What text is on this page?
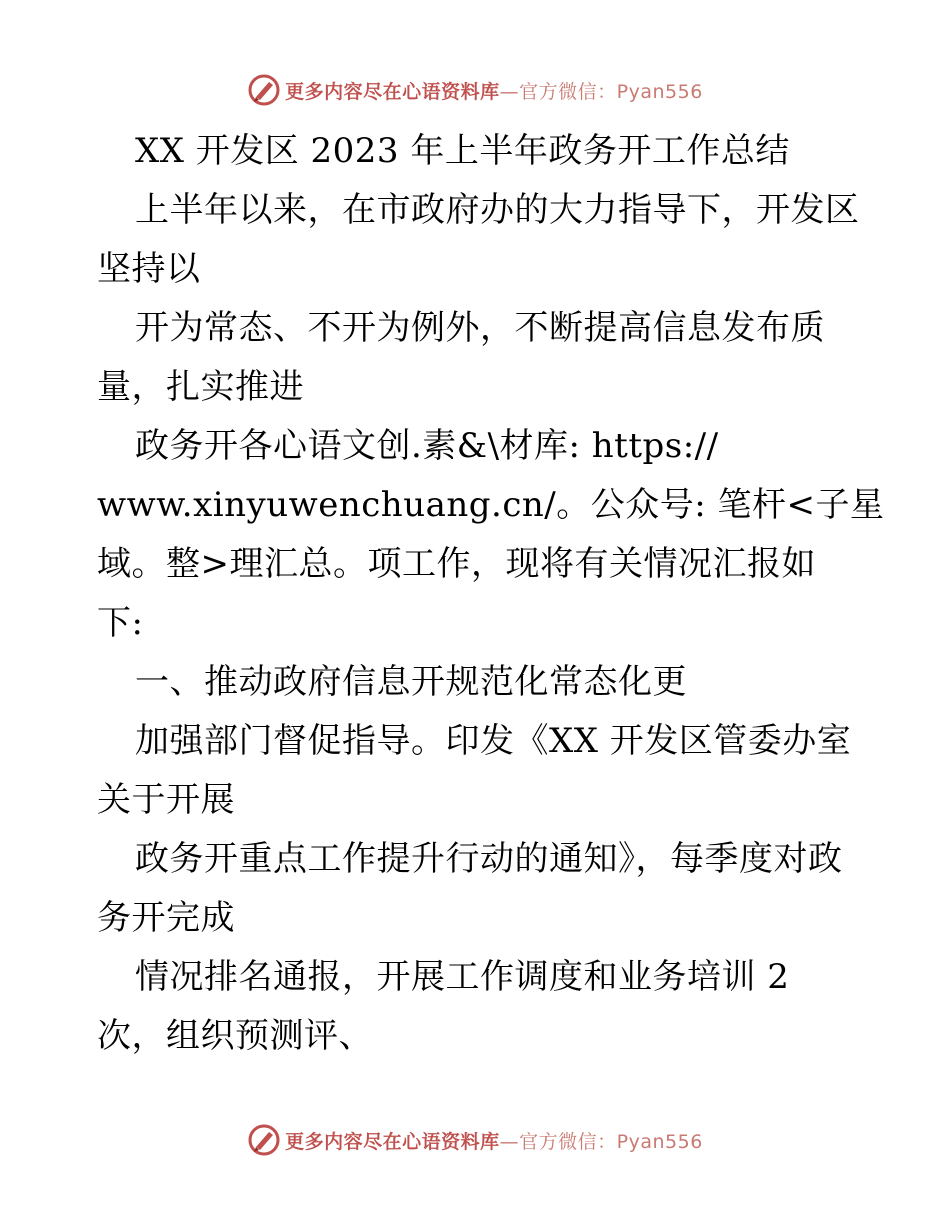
更多内容尽在心语资料库—官方微信：Pyan556
XX 开发区 2023 年上半年政务开工作总结
上半年以来，在市政府办的大力指导下，开发区
坚持以
开为常态、不开为例外，不断提高信息发布质
量，扎实推进
政务开各心语文创.素&\材库: https://
www.xinyuwenchuang.cn/。公众号: 笔杆<子星
域。整>理汇总。项工作，现将有关情况汇报如
下:
一、推动政府信息开规范化常态化更
加强部门督促指导。印发《XX 开发区管委办室
关于开展
政务开重点工作提升行动的通知》，每季度对政
务开完成
情况排名通报，开展工作调度和业务培训 2
次，组织预测评、
更多内容尽在心语资料库—官方微信：Pyan556
